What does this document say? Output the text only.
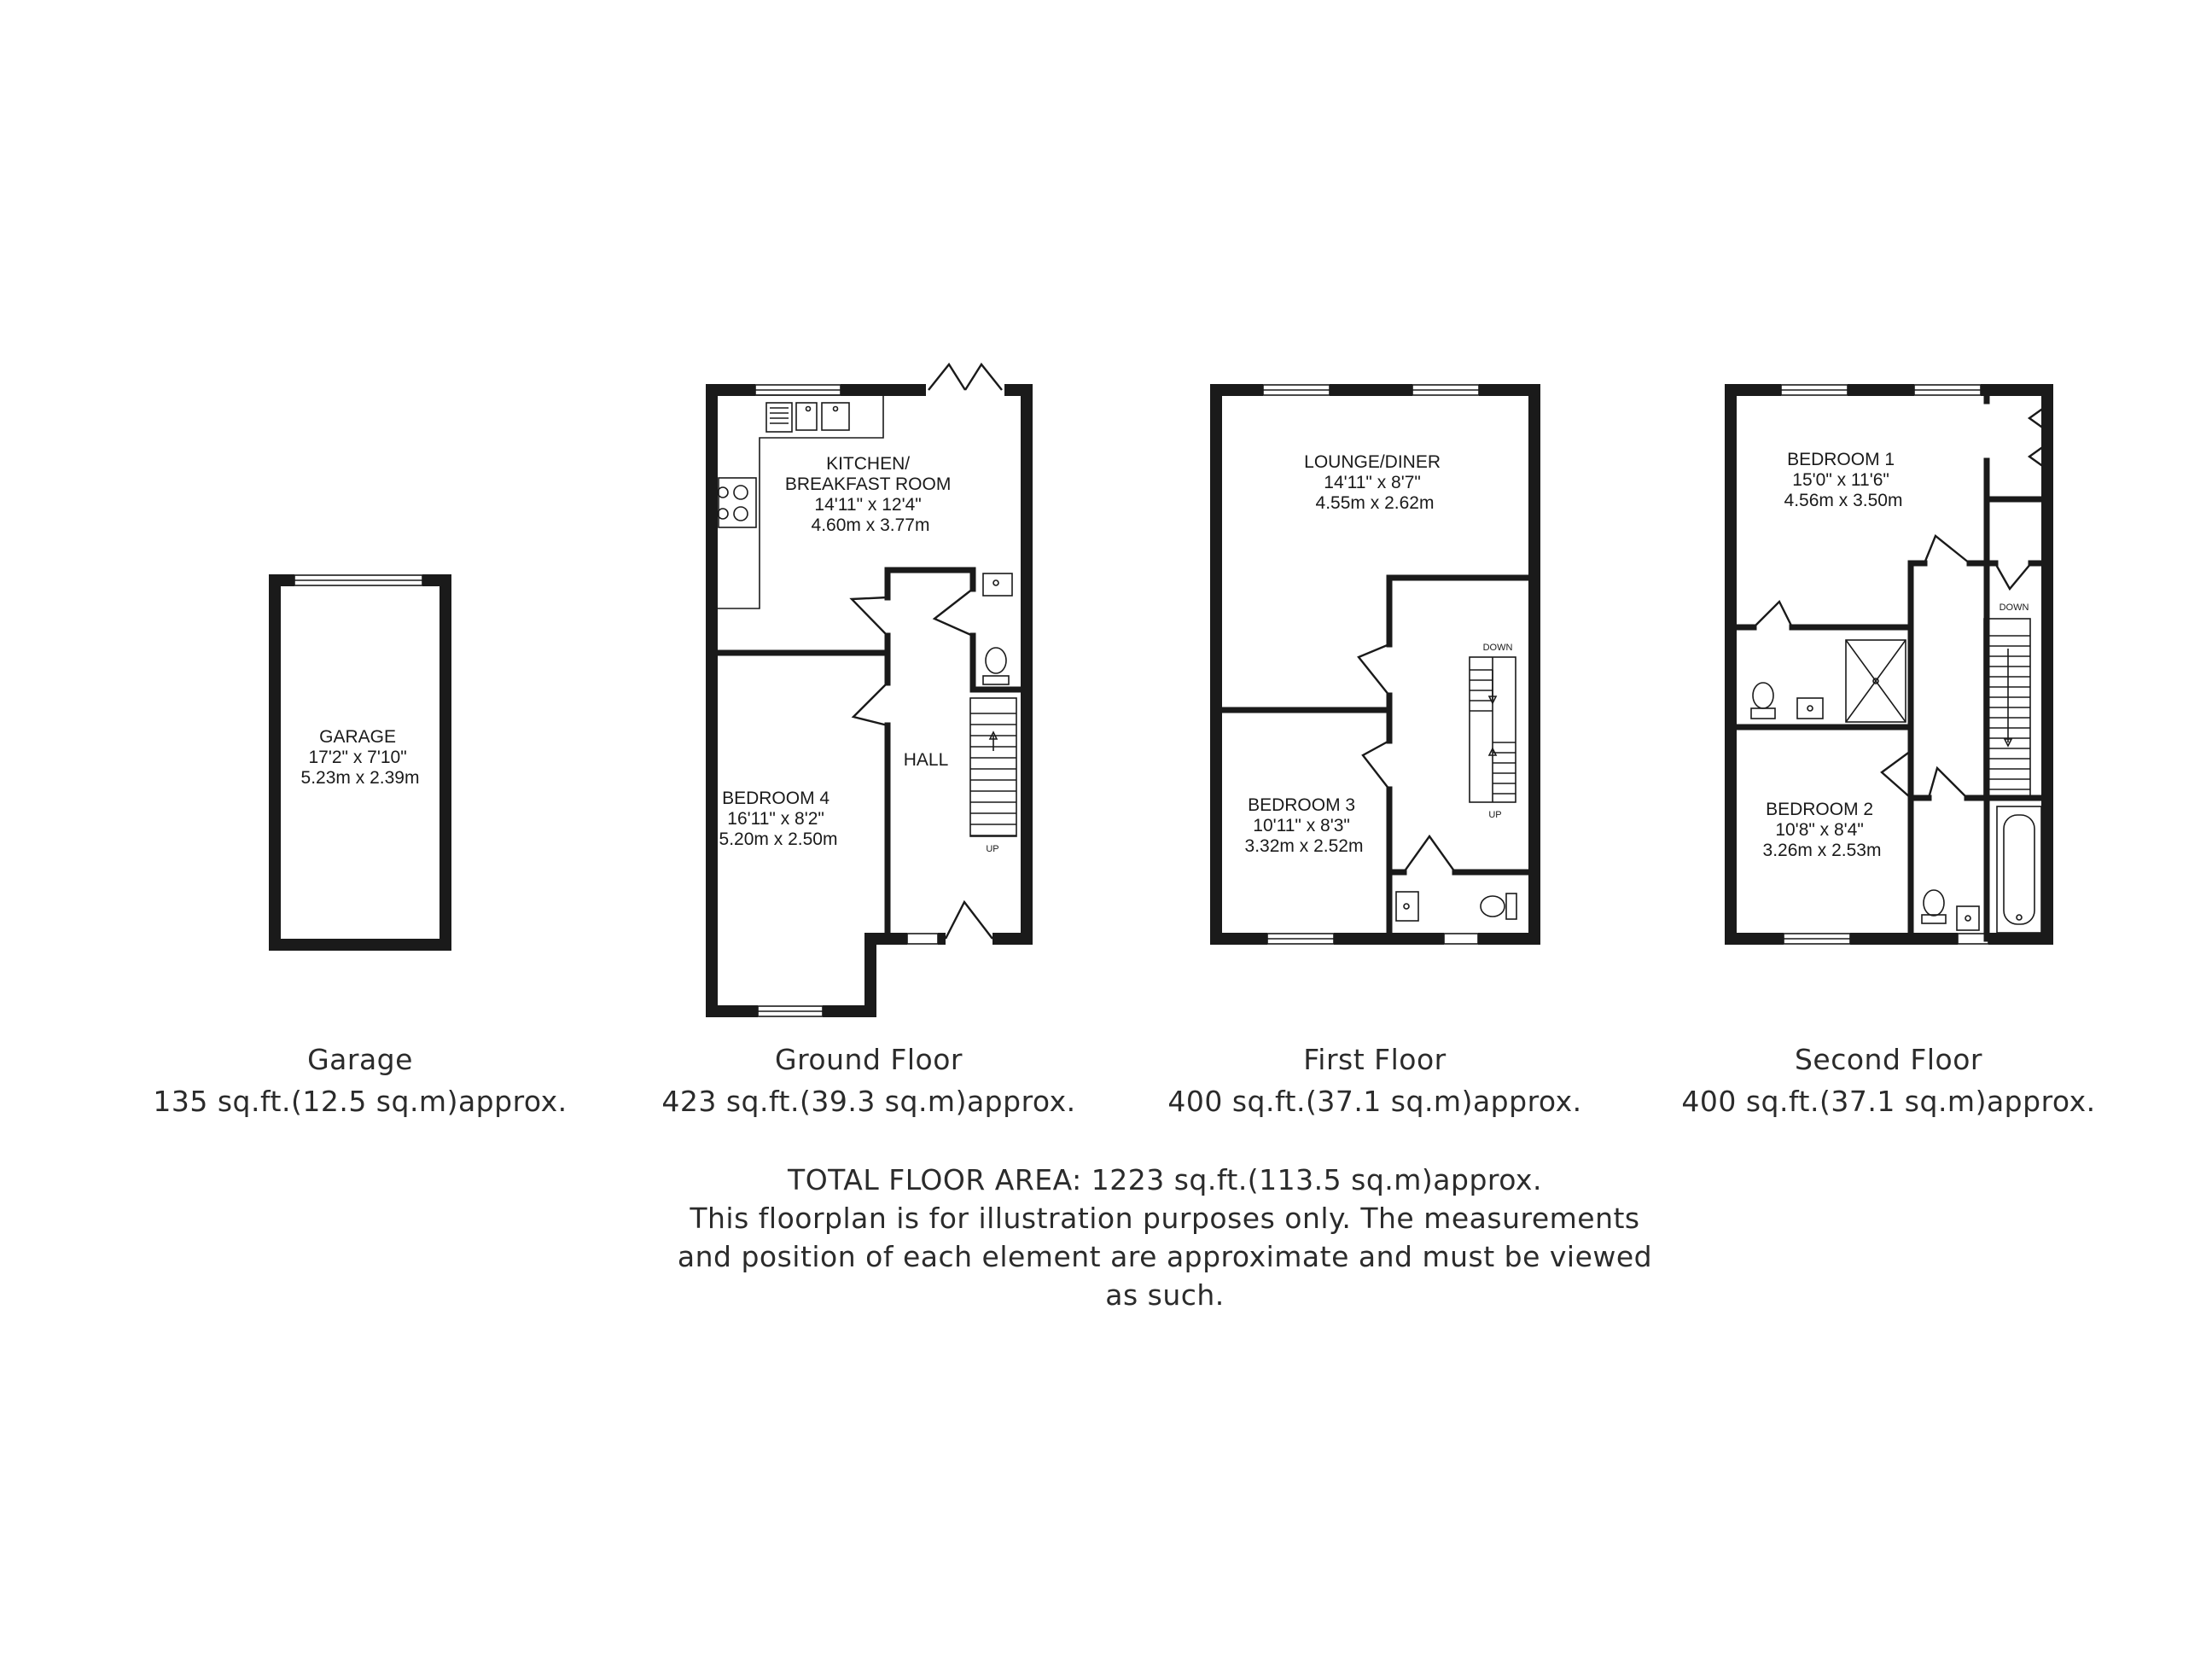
GARAGE 17'2" x 7'10" 5.23m x 2.39m
UP
KITCHEN/ BREAKFAST ROOM 14'11" x 12'4" 4.60m x 3.77m
HALL
BEDROOM 4 16'11" x 8'2" 5.20m x 2.50m
DOWN
UP
LOUNGE/DINER 14'11" x 8'7" 4.55m x 2.62m
BEDROOM 3 10'11" x 8'3" 3.32m x 2.52m
DOWN
BEDROOM 1 15'0" x 11'6" 4.56m x 3.50m
BEDROOM 2 10'8" x 8'4" 3.26m x 2.53m
Garage
135 sq.ft.(12.5 sq.m)approx.
Ground Floor
423 sq.ft.(39.3 sq.m)approx.
First Floor
400 sq.ft.(37.1 sq.m)approx.
Second Floor
400 sq.ft.(37.1 sq.m)approx.
TOTAL FLOOR AREA: 1223 sq.ft.(113.5 sq.m)approx.
This floorplan is for illustration purposes only. The measurements
and position of each element are approximate and must be viewed
as such.
